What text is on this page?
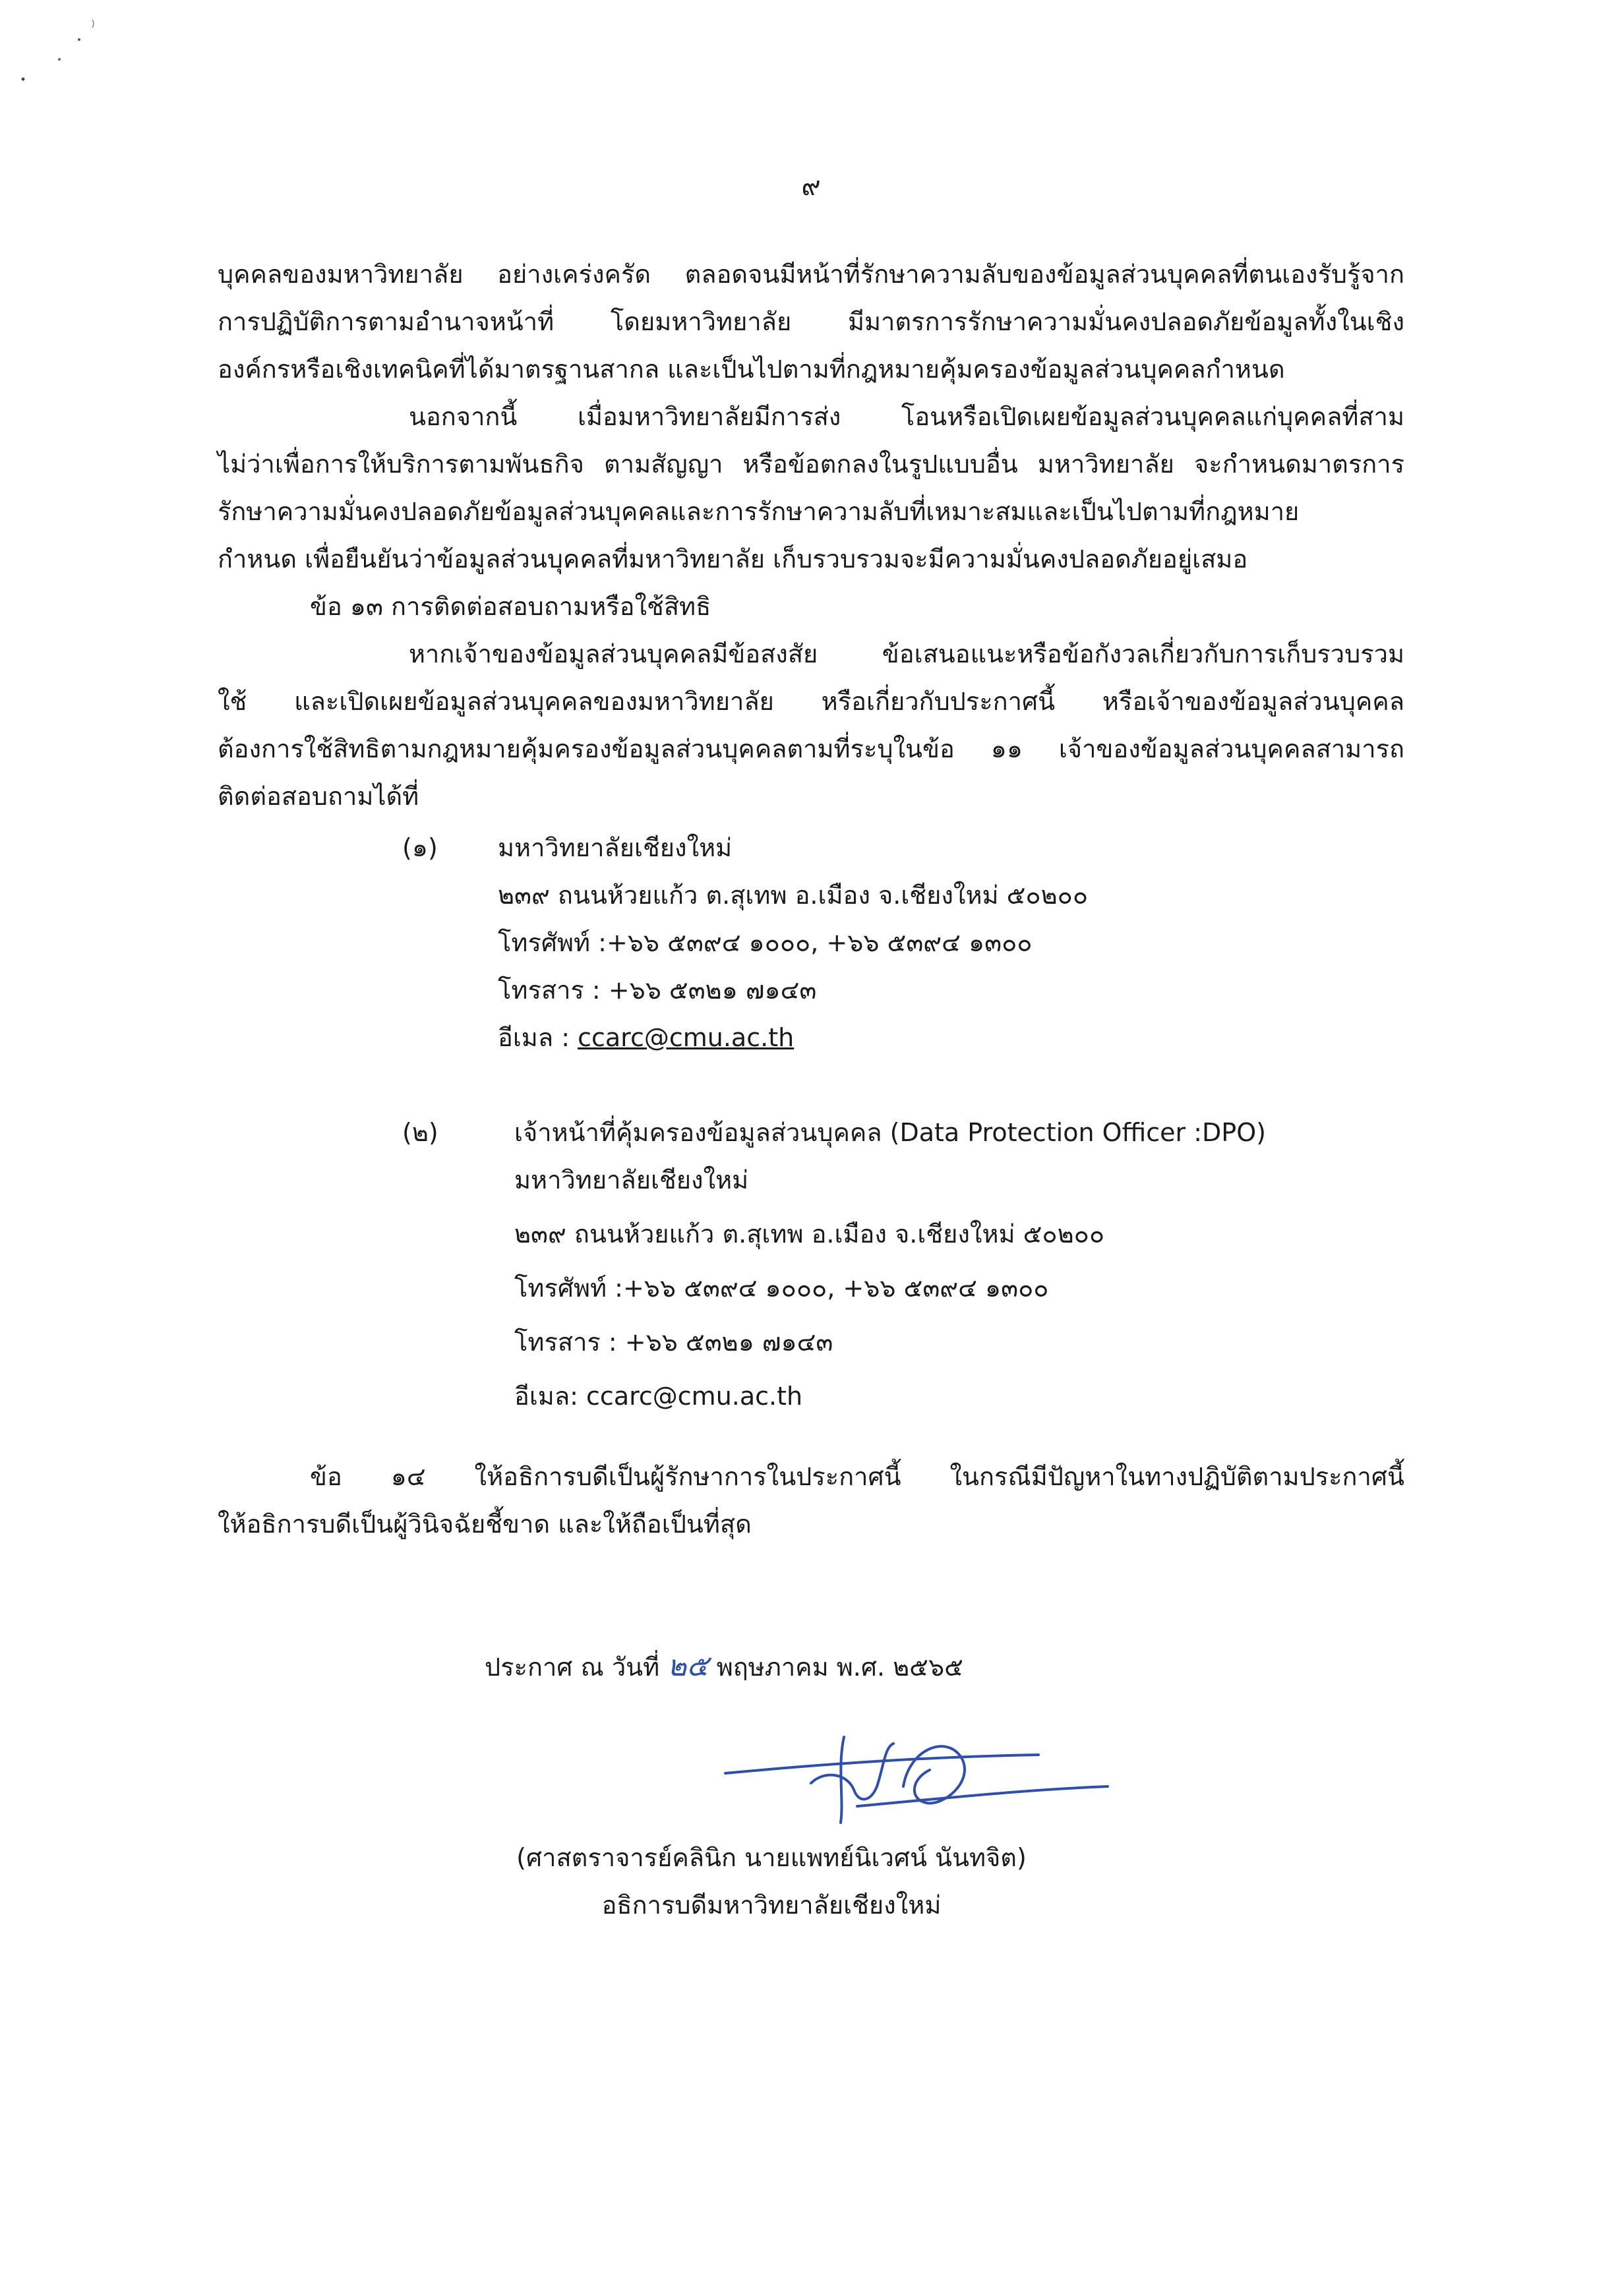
๙
บุคคลของมหาวิทยาลัย อย่างเคร่งครัด ตลอดจนมีหน้าที่รักษาความลับของข้อมูลส่วนบุคคลที่ตนเองรับรู้จาก
การปฏิบัติการตามอำนาจหน้าที่ โดยมหาวิทยาลัย มีมาตรการรักษาความมั่นคงปลอดภัยข้อมูลทั้งในเชิง
องค์กรหรือเชิงเทคนิคที่ได้มาตรฐานสากล และเป็นไปตามที่กฎหมายคุ้มครองข้อมูลส่วนบุคคลกำหนด
นอกจากนี้ เมื่อมหาวิทยาลัยมีการส่ง โอนหรือเปิดเผยข้อมูลส่วนบุคคลแก่บุคคลที่สาม
ไม่ว่าเพื่อการให้บริการตามพันธกิจ ตามสัญญา หรือข้อตกลงในรูปแบบอื่น มหาวิทยาลัย จะกำหนดมาตรการ
รักษาความมั่นคงปลอดภัยข้อมูลส่วนบุคคลและการรักษาความลับที่เหมาะสมและเป็นไปตามที่กฎหมาย
กำหนด เพื่อยืนยันว่าข้อมูลส่วนบุคคลที่มหาวิทยาลัย เก็บรวบรวมจะมีความมั่นคงปลอดภัยอยู่เสมอ
ข้อ ๑๓ การติดต่อสอบถามหรือใช้สิทธิ
หากเจ้าของข้อมูลส่วนบุคคลมีข้อสงสัย ข้อเสนอแนะหรือข้อกังวลเกี่ยวกับการเก็บรวบรวม
ใช้ และเปิดเผยข้อมูลส่วนบุคคลของมหาวิทยาลัย หรือเกี่ยวกับประกาศนี้ หรือเจ้าของข้อมูลส่วนบุคคล
ต้องการใช้สิทธิตามกฎหมายคุ้มครองข้อมูลส่วนบุคคลตามที่ระบุในข้อ ๑๑ เจ้าของข้อมูลส่วนบุคคลสามารถ
ติดต่อสอบถามได้ที่
(๑) มหาวิทยาลัยเชียงใหม่
๒๓๙ ถนนห้วยแก้ว ต.สุเทพ อ.เมือง จ.เชียงใหม่ ๕๐๒๐๐
โทรศัพท์ :+๖๖ ๕๓๙๔ ๑๐๐๐, +๖๖ ๕๓๙๔ ๑๓๐๐
โทรสาร : +๖๖ ๕๓๒๑ ๗๑๔๓
อีเมล : ccarc@cmu.ac.th
(๒)	เจ้าหน้าที่คุ้มครองข้อมูลส่วนบุคคล (Data Protection Officer :DPO)
มหาวิทยาลัยเชียงใหม่
๒๓๙ ถนนห้วยแก้ว ต.สุเทพ อ.เมือง จ.เชียงใหม่ ๕๐๒๐๐
โทรศัพท์ :+๖๖ ๕๓๙๔ ๑๐๐๐, +๖๖ ๕๓๙๔ ๑๓๐๐
โทรสาร : +๖๖ ๕๓๒๑ ๗๑๔๓
อีเมล: ccarc@cmu.ac.th
ข้อ ๑๔ ให้อธิการบดีเป็นผู้รักษาการในประกาศนี้ ในกรณีมีปัญหาในทางปฏิบัติตามประกาศนี้
ให้อธิการบดีเป็นผู้วินิจฉัยชี้ขาด และให้ถือเป็นที่สุด
ประกาศ ณ วันที่ ๒๕ พฤษภาคม พ.ศ. ๒๕๖๕
(ศาสตราจารย์คลินิก นายแพทย์นิเวศน์ นันทจิต)
อธิการบดีมหาวิทยาลัยเชียงใหม่
